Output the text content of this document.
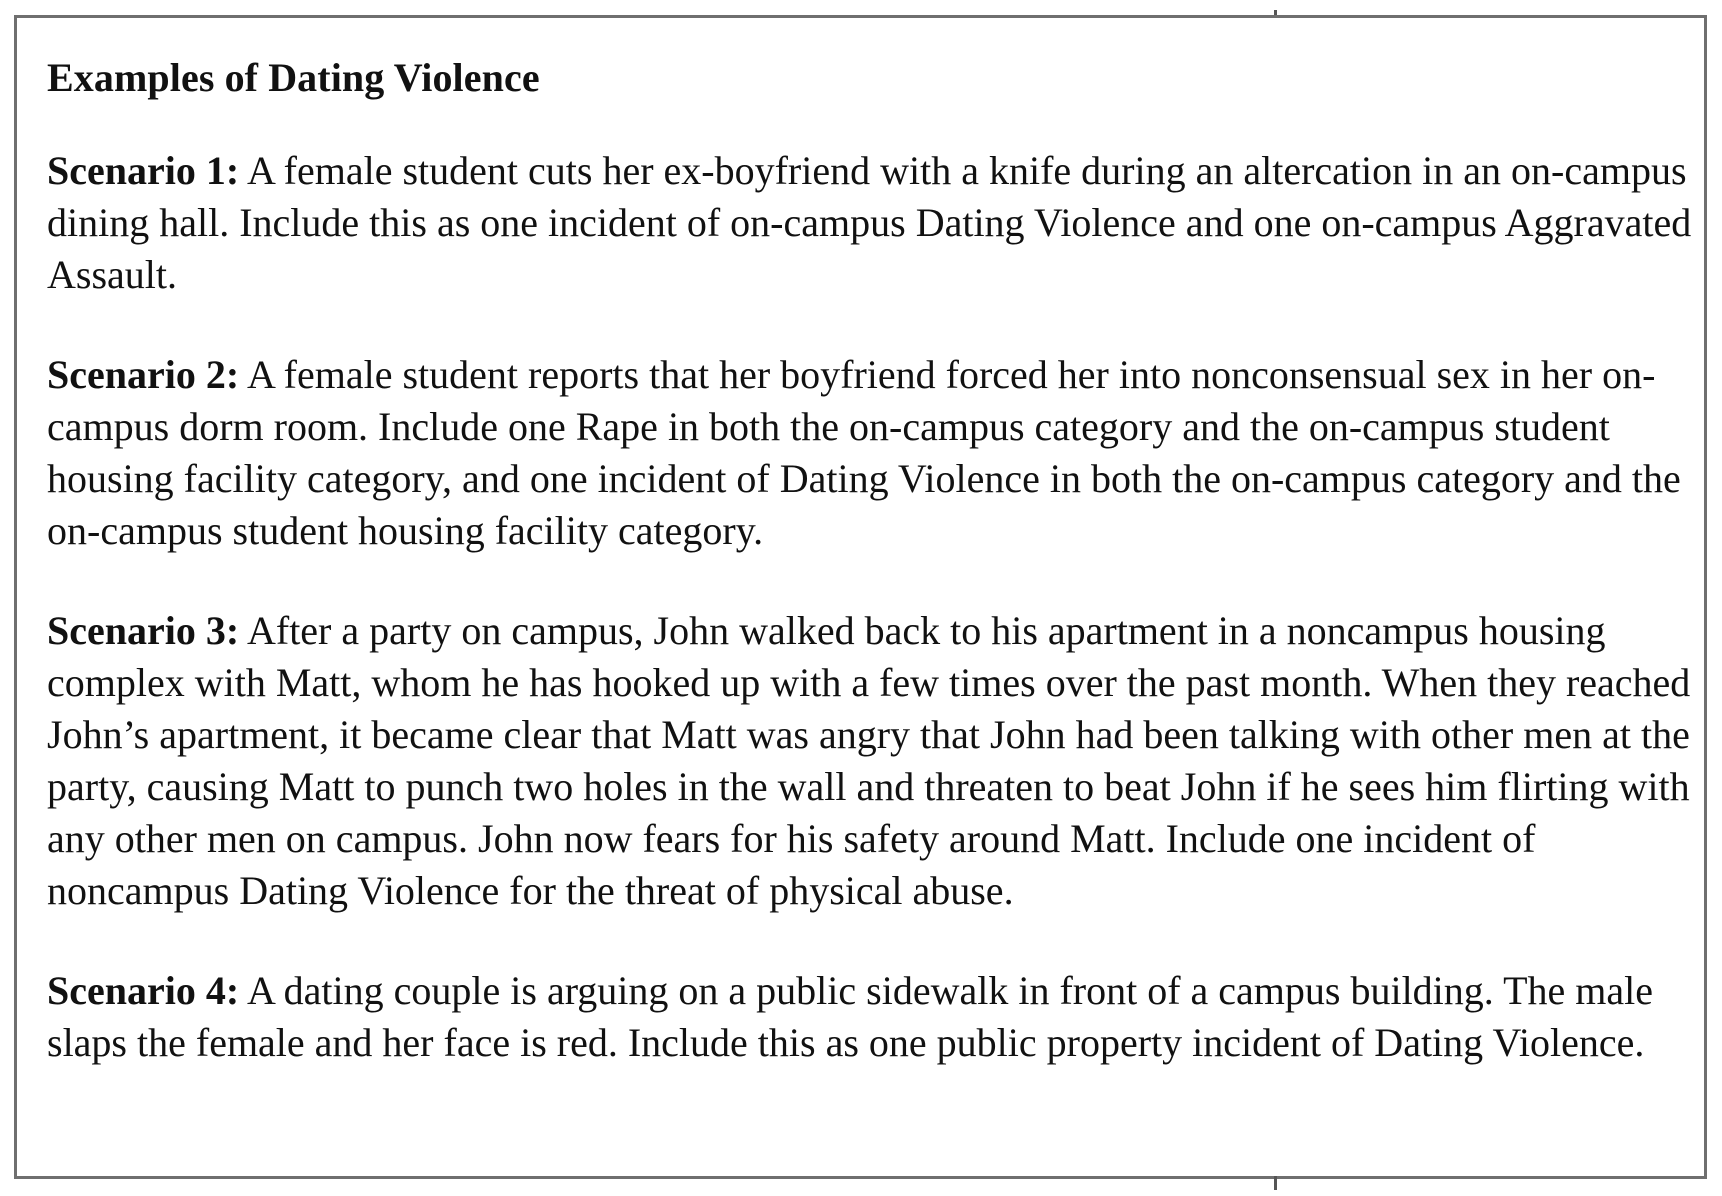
Examples of Dating Violence

Scenario 1: A female student cuts her ex-boyfriend with a knife during an altercation in an on-campus dining hall. Include this as one incident of on-campus Dating Violence and one on-campus Aggravated Assault.

Scenario 2: A female student reports that her boyfriend forced her into nonconsensual sex in her on-campus dorm room. Include one Rape in both the on-campus category and the on-campus student housing facility category, and one incident of Dating Violence in both the on-campus category and the on-campus student housing facility category.

Scenario 3: After a party on campus, John walked back to his apartment in a noncampus housing complex with Matt, whom he has hooked up with a few times over the past month. When they reached John’s apartment, it became clear that Matt was angry that John had been talking with other men at the party, causing Matt to punch two holes in the wall and threaten to beat John if he sees him flirting with any other men on campus. John now fears for his safety around Matt. Include one incident of noncampus Dating Violence for the threat of physical abuse.

Scenario 4: A dating couple is arguing on a public sidewalk in front of a campus building. The male slaps the female and her face is red. Include this as one public property incident of Dating Violence.
